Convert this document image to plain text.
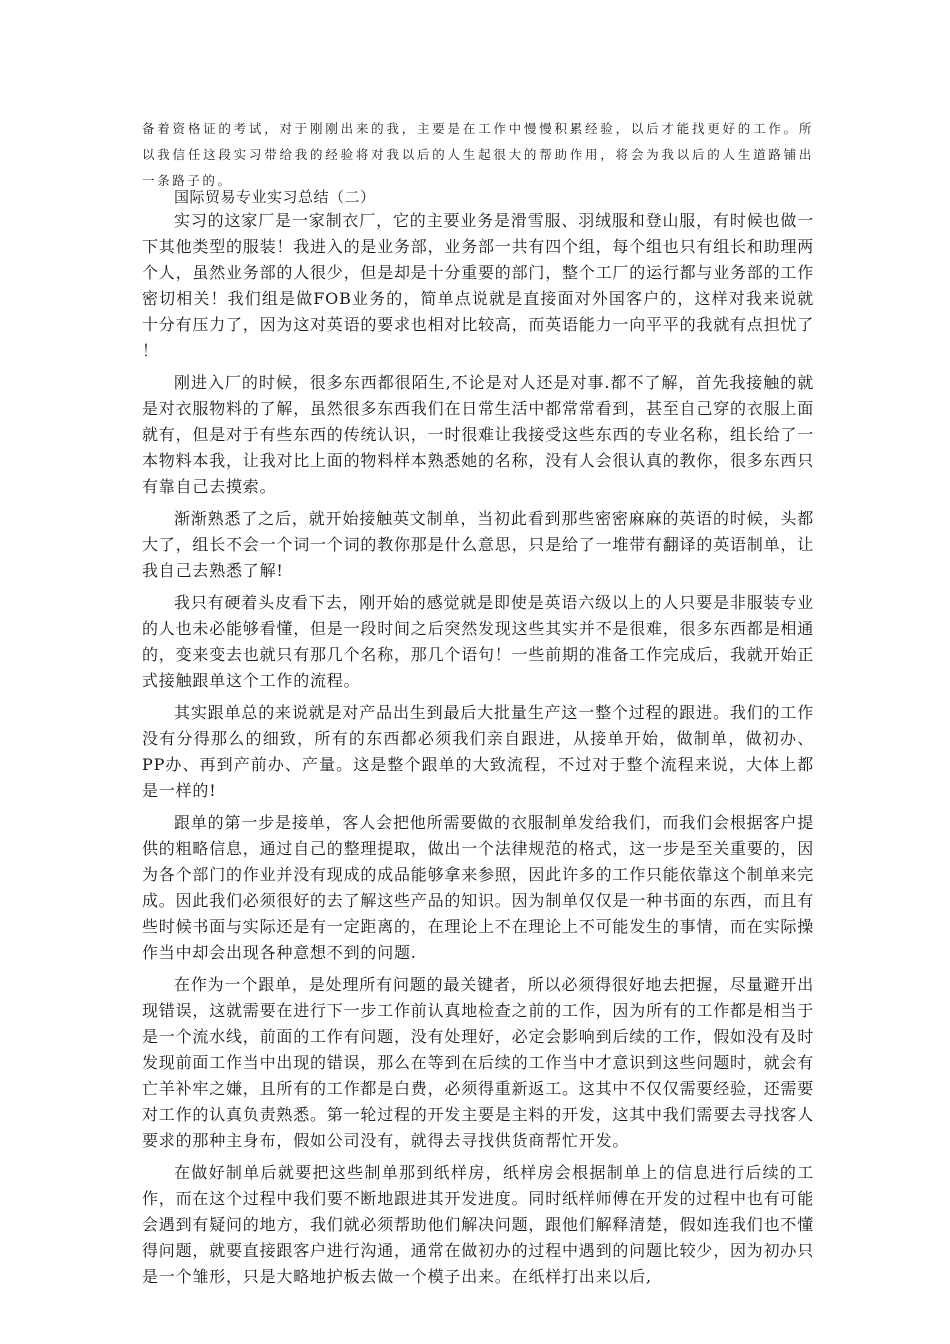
备着资格证的考试，对于刚刚出来的我，主要是在工作中慢慢积累经验，以后才能找更好的工作。所以我信任这段实习带给我的经验将对我以后的人生起很大的帮助作用，将会为我以后的人生道路铺出一条路子的。

国际贸易专业实习总结（二）

实习的这家厂是一家制衣厂，它的主要业务是滑雪服、羽绒服和登山服，有时候也做一下其他类型的服装！我进入的是业务部，业务部一共有四个组，每个组也只有组长和助理两个人，虽然业务部的人很少，但是却是十分重要的部门，整个工厂的运行都与业务部的工作密切相关！我们组是做FOB业务的，简单点说就是直接面对外国客户的，这样对我来说就十分有压力了，因为这对英语的要求也相对比较高，而英语能力一向平平的我就有点担忧了 ！

刚进入厂的时候，很多东西都很陌生,不论是对人还是对事.都不了解，首先我接触的就是对衣服物料的了解，虽然很多东西我们在日常生活中都常常看到，甚至自己穿的衣服上面就有，但是对于有些东西的传统认识，一时很难让我接受这些东西的专业名称，组长给了一本物料本我，让我对比上面的物料样本熟悉她的名称，没有人会很认真的教你，很多东西只有靠自己去摸索。

渐渐熟悉了之后，就开始接触英文制单，当初此看到那些密密麻麻的英语的时候，头都大了，组长不会一个词一个词的教你那是什么意思，只是给了一堆带有翻译的英语制单，让我自己去熟悉了解!

我只有硬着头皮看下去，刚开始的感觉就是即使是英语六级以上的人只要是非服装专业的人也未必能够看懂，但是一段时间之后突然发现这些其实并不是很难，很多东西都是相通的，变来变去也就只有那几个名称，那几个语句！一些前期的准备工作完成后，我就开始正式接触跟单这个工作的流程。

其实跟单总的来说就是对产品出生到最后大批量生产这一整个过程的跟进。我们的工作没有分得那么的细致，所有的东西都必须我们亲自跟进，从接单开始，做制单，做初办、PP办、再到产前办、产量。这是整个跟单的大致流程，不过对于整个流程来说，大体上都是一样的!

跟单的第一步是接单，客人会把他所需要做的衣服制单发给我们，而我们会根据客户提供的粗略信息，通过自己的整理提取，做出一个法律规范的格式，这一步是至关重要的，因为各个部门的作业并没有现成的成品能够拿来参照，因此许多的工作只能依靠这个制单来完成。因此我们必须很好的去了解这些产品的知识。因为制单仅仅是一种书面的东西，而且有些时候书面与实际还是有一定距离的，在理论上不在理论上不可能发生的事情，而在实际操作当中却会出现各种意想不到的问题.

在作为一个跟单，是处理所有问题的最关键者，所以必须得很好地去把握，尽量避开出现错误，这就需要在进行下一步工作前认真地检查之前的工作，因为所有的工作都是相当于是一个流水线，前面的工作有问题，没有处理好，必定会影响到后续的工作，假如没有及时发现前面工作当中出现的错误，那么在等到在后续的工作当中才意识到这些问题时，就会有亡羊补牢之嫌，且所有的工作都是白费，必须得重新返工。这其中不仅仅需要经验，还需要对工作的认真负责熟悉。第一轮过程的开发主要是主料的开发，这其中我们需要去寻找客人要求的那种主身布，假如公司没有，就得去寻找供货商帮忙开发。

在做好制单后就要把这些制单那到纸样房，纸样房会根据制单上的信息进行后续的工作，而在这个过程中我们要不断地跟进其开发进度。同时纸样师傅在开发的过程中也有可能会遇到有疑问的地方，我们就必须帮助他们解决问题，跟他们解释清楚，假如连我们也不懂得问题，就要直接跟客户进行沟通，通常在做初办的过程中遇到的问题比较少，因为初办只是一个雏形，只是大略地护板去做一个模子出来。在纸样打出来以后,
